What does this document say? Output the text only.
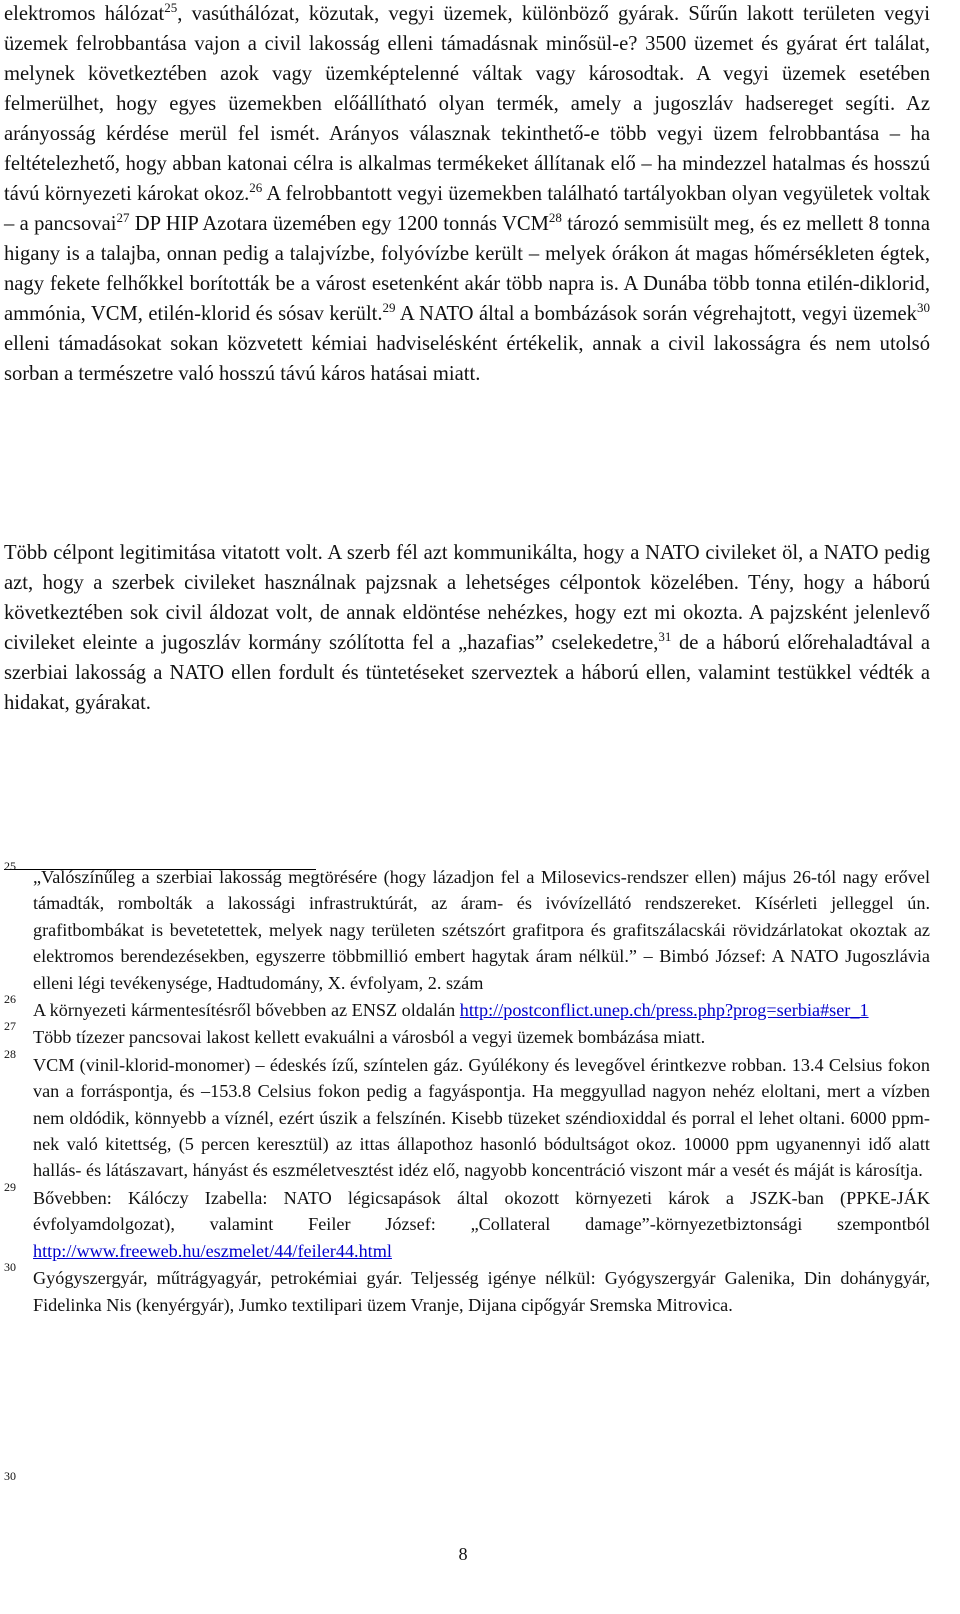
elektromos hálózat$^{25}$, vasúthálózat, közutak, vegyi üzemek, különböző gyárak. Sűrűn lakott területen vegyi üzemek felrobbantása vajon a civil lakosság elleni támadásnak minősül-e? 3500 üzemet és gyárat ért találat, melynek következtében azok vagy üzemképtelenné váltak vagy károsodtak. A vegyi üzemek esetében felmerülhet, hogy egyes üzemekben előállítható olyan termék, amely a jugoszláv hadsereget segíti. Az arányosság kérdése merül fel ismét. Arányos válasznak tekinthető-e több vegyi üzem felrobbantása – ha feltételezhető, hogy abban katonai célra is alkalmas termékeket állítanak elő – ha mindezzel hatalmas és hosszú távú környezeti károkat okoz.$^{26}$ A felrobbantott vegyi üzemekben található tartályokban olyan vegyületek voltak – a pancsovai$^{27}$ DP HIP Azotara üzemében egy 1200 tonnás VCM$^{28}$ tározó semmisült meg, és ez mellett 8 tonna higany is a talajba, onnan pedig a talajvízbe, folyóvízbe került – melyek órákon át magas hőmérsékleten égtek, nagy fekete felhőkkel borították be a várost esetenként akár több napra is. A Dunába több tonna etilén-diklorid, ammónia, VCM, etilén-klorid és sósav került.$^{29}$ A NATO által a bombázások során végrehajtott, vegyi üzemek$^{30}$ elleni támadásokat sokan közvetett kémiai hadviselésként értékelik, annak a civil lakosságra és nem utolsó sorban a természetre való hosszú távú káros hatásai miatt.

Több célpont legitimitása vitatott volt. A szerb fél azt kommunikálta, hogy a NATO civileket öl, a NATO pedig azt, hogy a szerbek civileket használnak pajzsnak a lehetséges célpontok közelében. Tény, hogy a háború következtében sok civil áldozat volt, de annak eldöntése nehézkes, hogy ezt mi okozta. A pajzsként jelenlevő civileket eleinte a jugoszláv kormány szólította fel a „hazafias” cselekedetre,$^{31}$ de a háború előrehaladtával a szerbiai lakosság a NATO ellen fordult és tüntetéseket szerveztek a háború ellen, valamint testükkel védték a hidakat, gyárakat.

25
„Valószínűleg a szerbiai lakosság megtörésére (hogy lázadjon fel a Milosevics-rendszer ellen) május 26-tól nagy erővel támadták, rombolták a lakossági infrastruktúrát, az áram- és ivóvízellátó rendszereket. Kísérleti jelleggel ún. grafitbombákat is bevetetettek, melyek nagy területen szétszórt grafitpora és grafitszálacskái rövidzárlatokat okoztak az elektromos berendezésekben, egyszerre többmillió embert hagytak áram nélkül.” – Bimbó József: A NATO Jugoszlávia elleni légi tevékenysége, Hadtudomány, X. évfolyam, 2. szám

26
A környezeti kármentesítésről bővebben az ENSZ oldalán http://postconflict.unep.ch/press.php?prog=serbia#ser_1

27
Több tízezer pancsovai lakost kellett evakuálni a városból a vegyi üzemek bombázása miatt.

28
VCM (vinil-klorid-monomer) – édeskés ízű, színtelen gáz. Gyúlékony és levegővel érintkezve robban. 13.4 Celsius fokon van a forráspontja, és –153.8 Celsius fokon pedig a fagyáspontja. Ha meggyullad nagyon nehéz eloltani, mert a vízben nem oldódik, könnyebb a víznél, ezért úszik a felszínén. Kisebb tüzeket széndioxiddal és porral el lehet oltani. 6000 ppm-nek való kitettség, (5 percen keresztül) az ittas állapothoz hasonló bódultságot okoz. 10000 ppm ugyanennyi idő alatt hallás- és látászavart, hányást és eszméletvesztést idéz elő, nagyobb koncentráció viszont már a vesét és máját is károsítja.

29
Bővebben: Kálóczy Izabella: NATO légicsapások által okozott környezeti károk a JSZK-ban (PPKE-JÁK évfolyamdolgozat), valamint Feiler József: „Collateral damage”-környezetbiztonsági szempontból http://www.freeweb.hu/eszmelet/44/feiler44.html

30
Gyógyszergyár, műtrágyagyár, petrokémiai gyár. Teljesség igénye nélkül: Gyógyszergyár Galenika, Din dohánygyár, Fidelinka Nis (kenyérgyár), Jumko textilipari üzem Vranje, Dijana cipőgyár Sremska Mitrovica.

30
8
